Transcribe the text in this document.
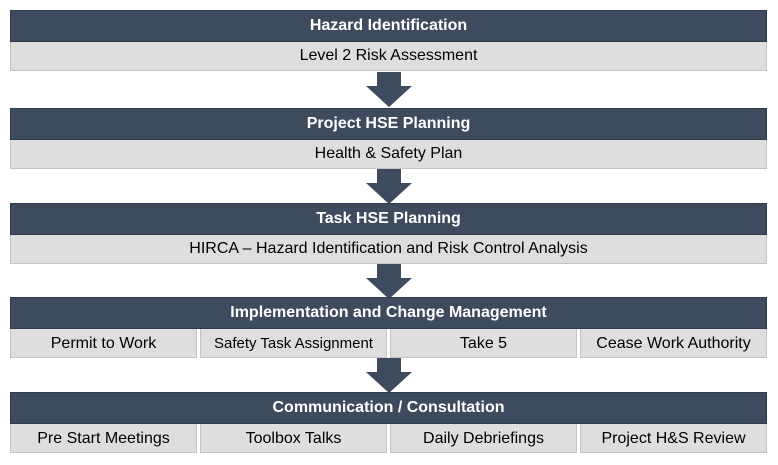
Hazard Identification
Level 2 Risk Assessment
Project HSE Planning
Health & Safety Plan
Task HSE Planning
HIRCA – Hazard Identification and Risk Control Analysis
Implementation and Change Management
Permit to Work	Safety Task Assignment	Take 5	Cease Work Authority
Communication / Consultation
Pre Start Meetings	Toolbox Talks	Daily Debriefings	Project H&S Review
